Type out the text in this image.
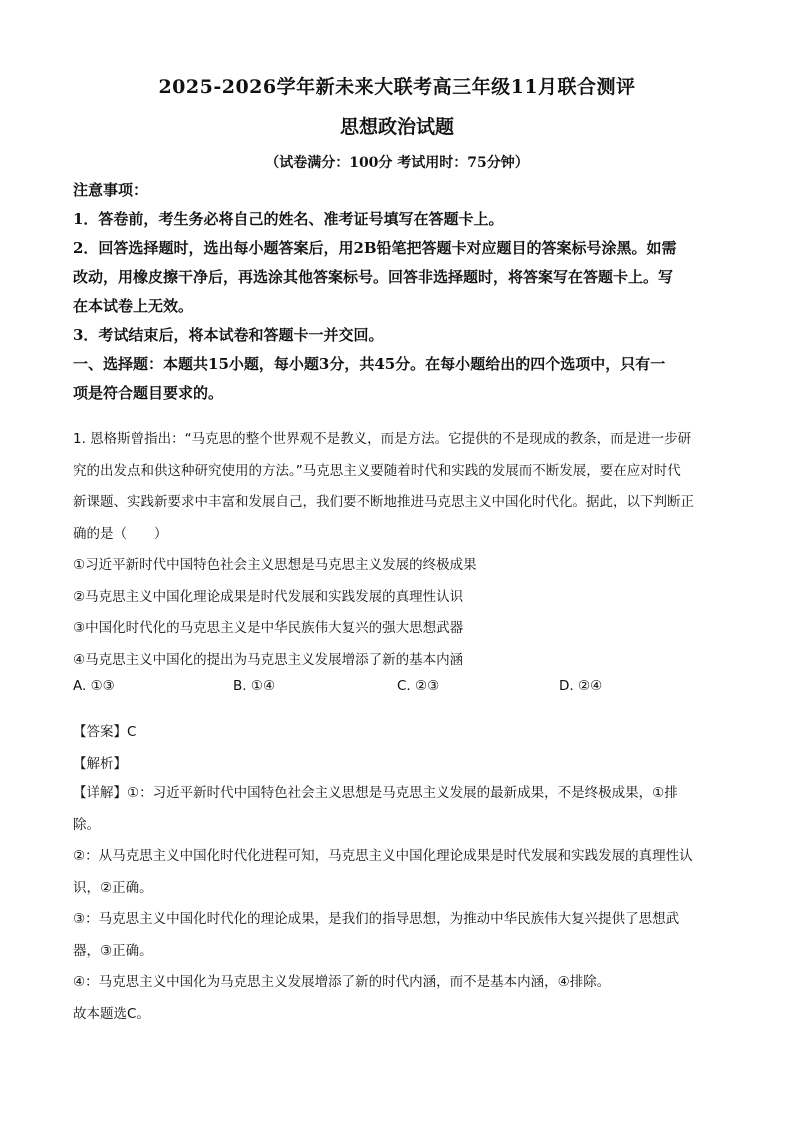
2025-2026学年新未来大联考高三年级11月联合测评
思想政治试题
（试卷满分：100分 考试用时：75分钟）
注意事项：
1．答卷前，考生务必将自己的姓名、准考证号填写在答题卡上。
2．回答选择题时，选出每小题答案后，用2B铅笔把答题卡对应题目的答案标号涂黑。如需
改动，用橡皮擦干净后，再选涂其他答案标号。回答非选择题时，将答案写在答题卡上。写
在本试卷上无效。
3．考试结束后，将本试卷和答题卡一并交回。
一、选择题：本题共15小题，每小题3分，共45分。在每小题给出的四个选项中，只有一
项是符合题目要求的。
1. 恩格斯曾指出：“马克思的整个世界观不是教义，而是方法。它提供的不是现成的教条，而是进一步研
究的出发点和供这种研究使用的方法。”马克思主义要随着时代和实践的发展而不断发展，要在应对时代
新课题、实践新要求中丰富和发展自己，我们要不断地推进马克思主义中国化时代化。据此，以下判断正
确的是（　　）
①习近平新时代中国特色社会主义思想是马克思主义发展的终极成果
②马克思主义中国化理论成果是时代发展和实践发展的真理性认识
③中国化时代化的马克思主义是中华民族伟大复兴的强大思想武器
④马克思主义中国化的提出为马克思主义发展增添了新的基本内涵
A. ①③	B. ①④	C. ②③	D. ②④
【答案】C
【解析】
【详解】①：习近平新时代中国特色社会主义思想是马克思主义发展的最新成果，不是终极成果，①排
除。
②：从马克思主义中国化时代化进程可知，马克思主义中国化理论成果是时代发展和实践发展的真理性认
识，②正确。
③：马克思主义中国化时代化的理论成果，是我们的指导思想，为推动中华民族伟大复兴提供了思想武
器，③正确。
④：马克思主义中国化为马克思主义发展增添了新的时代内涵，而不是基本内涵，④排除。
故本题选C。
